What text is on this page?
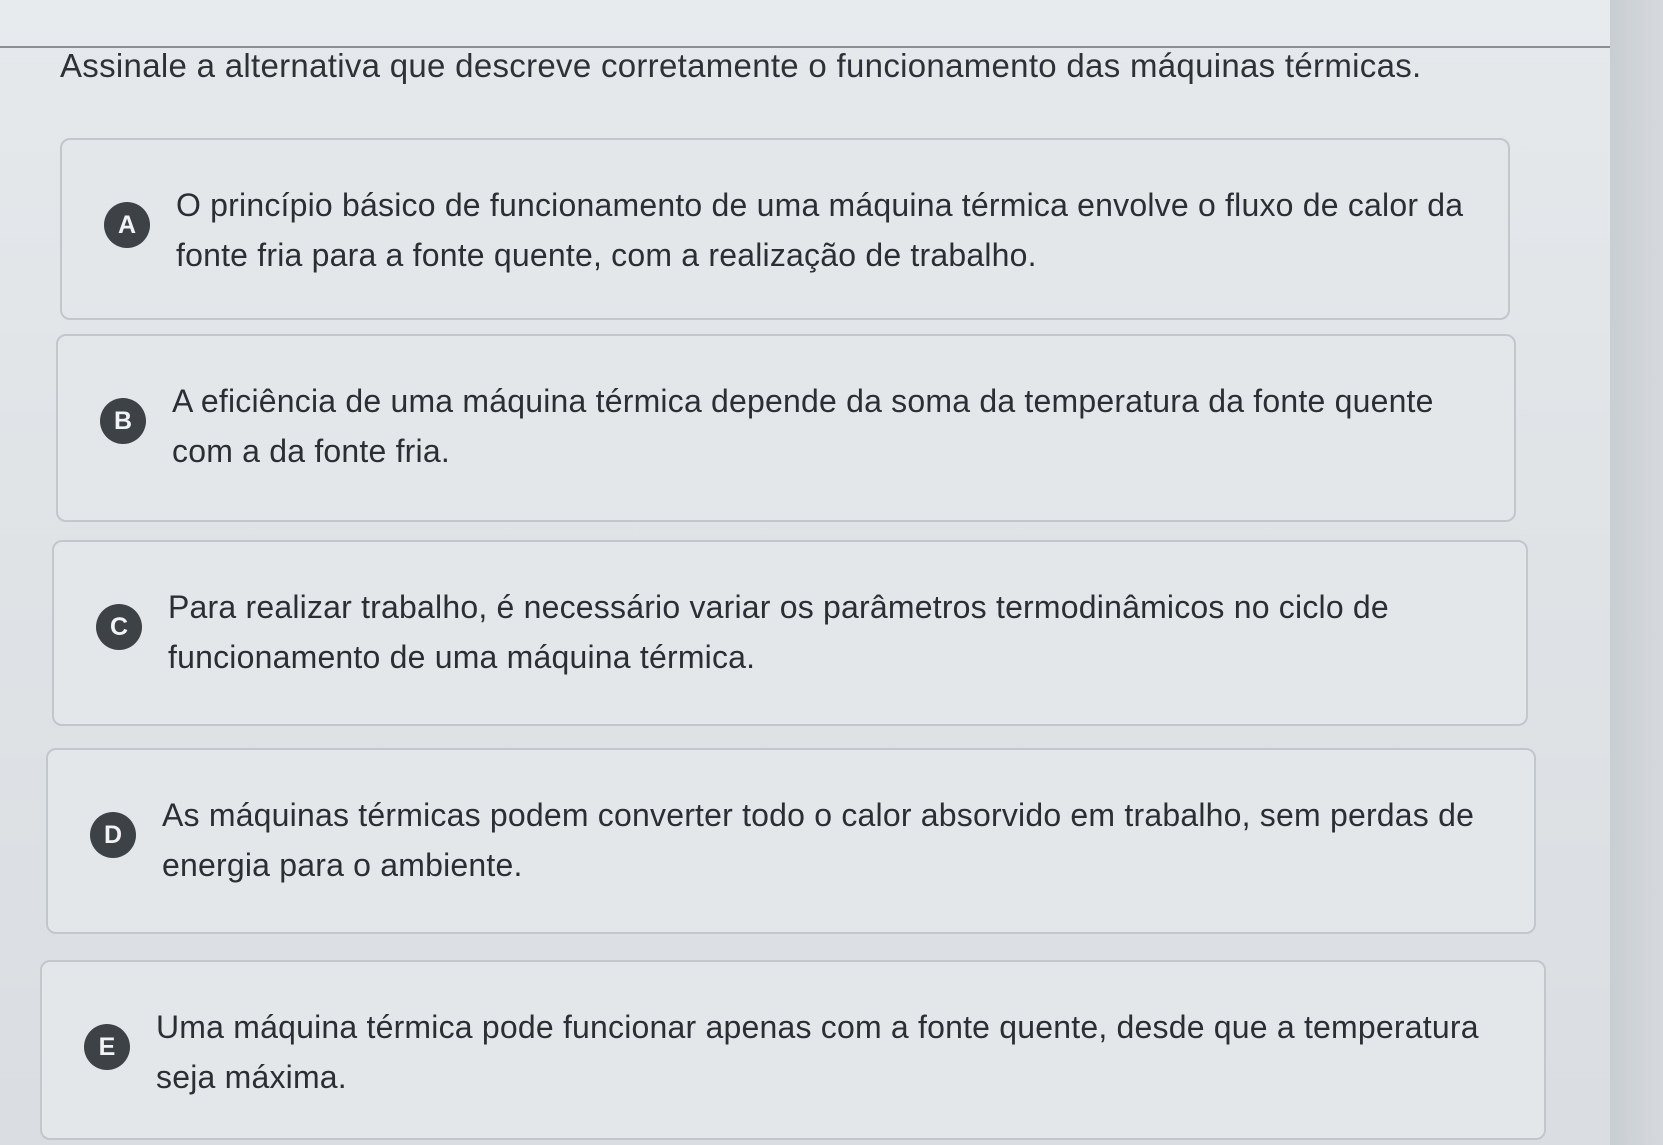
Assinale a alternativa que descreve corretamente o funcionamento das máquinas térmicas.
A
O princípio básico de funcionamento de uma máquina térmica envolve o fluxo de calor da fonte fria para a fonte quente, com a realização de trabalho.
B
A eficiência de uma máquina térmica depende da soma da temperatura da fonte quente com a da fonte fria.
C
Para realizar trabalho, é necessário variar os parâmetros termodinâmicos no ciclo de funcionamento de uma máquina térmica.
D
As máquinas térmicas podem converter todo o calor absorvido em trabalho, sem perdas de energia para o ambiente.
E
Uma máquina térmica pode funcionar apenas com a fonte quente, desde que a temperatura seja máxima.
